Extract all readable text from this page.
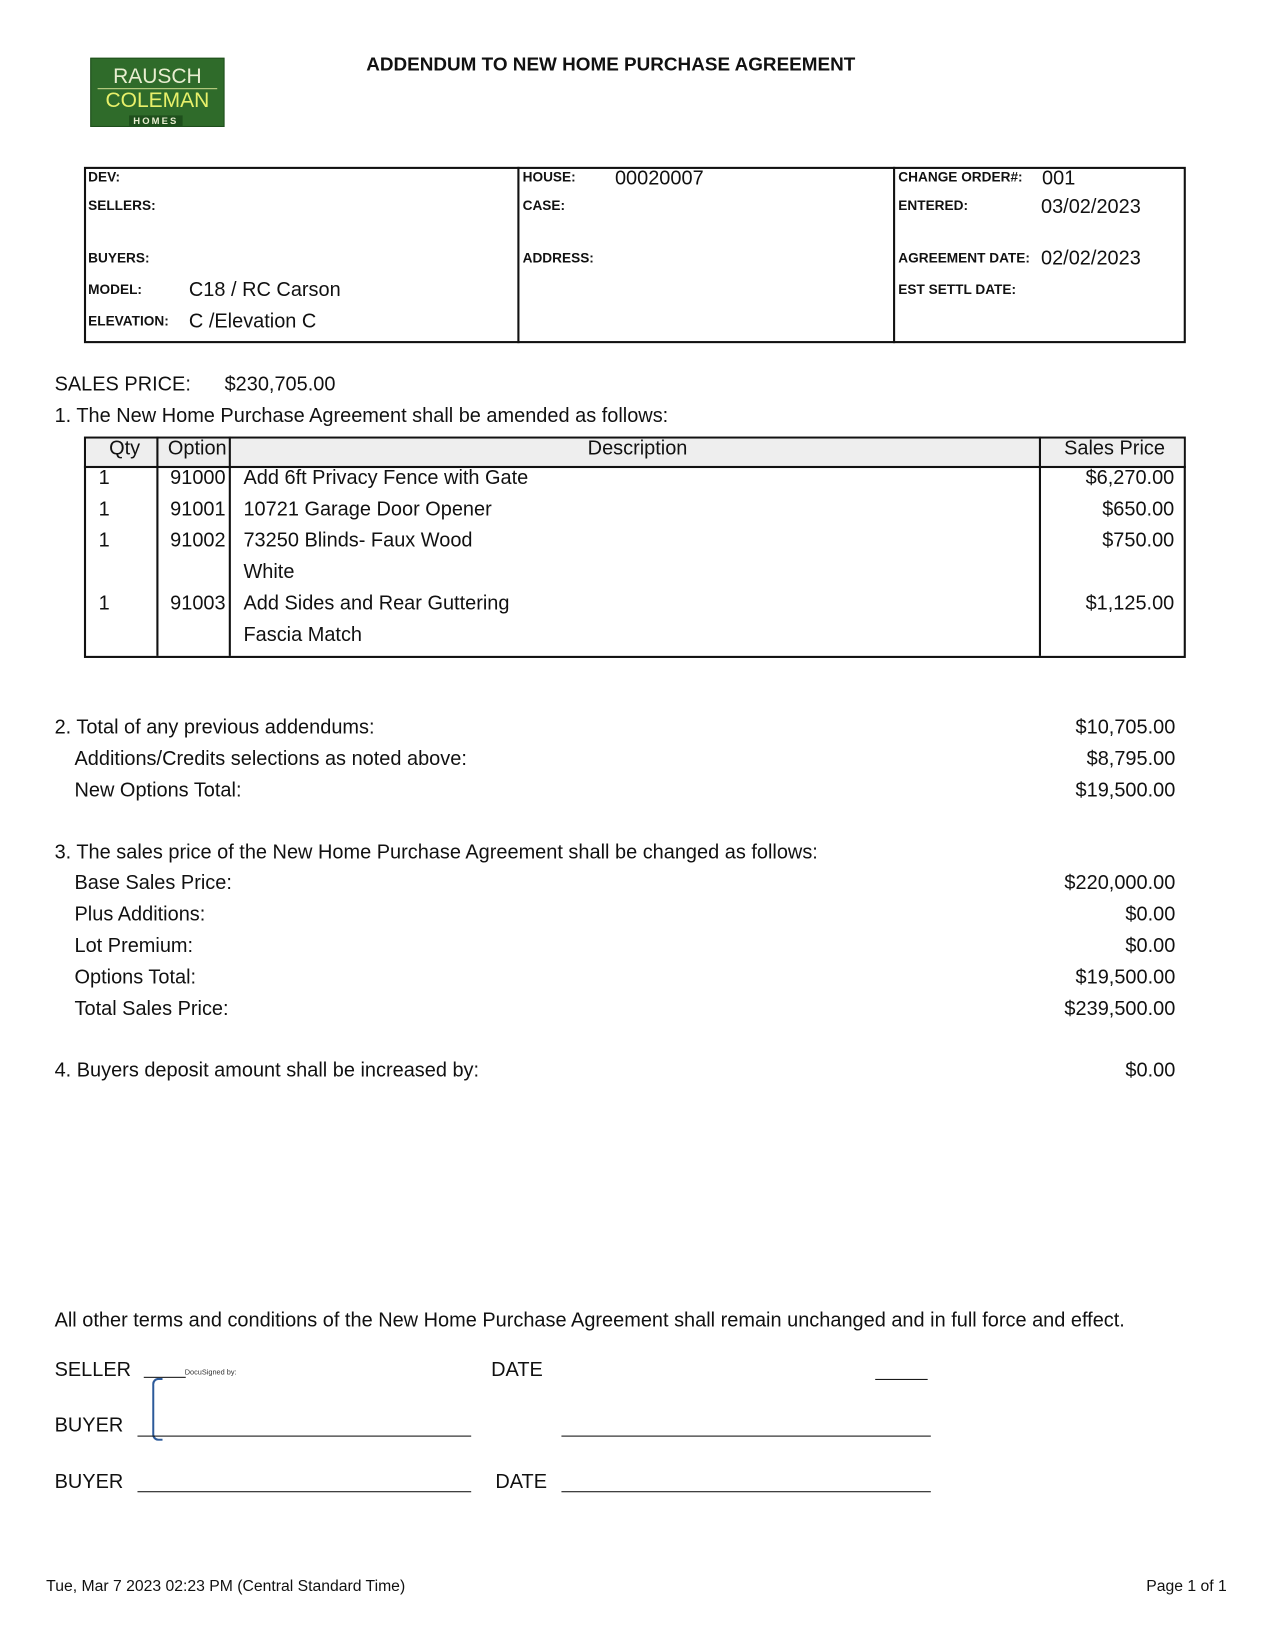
RAUSCH
COLEMAN
HOMES
ADDENDUM TO NEW HOME PURCHASE AGREEMENT
DEV:
SELLERS:
BUYERS:
MODEL: C18 / RC Carson
ELEVATION: C /Elevation C
HOUSE: 00020007
CASE:
ADDRESS:
CHANGE ORDER#: 001
ENTERED:	03/02/2023
AGREEMENT DATE: 02/02/2023
EST SETTL DATE:
SALES PRICE: $230,705.00
1. The New Home Purchase Agreement shall be amended as follows:
Qty Option	Description	Sales Price
1	91000 Add 6ft Privacy Fence with Gate	$6,270.00
1	91001 10721 Garage Door Opener	$650.00
1	91002 73250 Blinds- Faux Wood	$750.00
White
1	91003 Add Sides and Rear Guttering	$1,125.00
Fascia Match
2. Total of any previous addendums:	$10,705.00
Additions/Credits selections as noted above:	$8,795.00
New Options Total:	$19,500.00
3. The sales price of the New Home Purchase Agreement shall be changed as follows:
Base Sales Price:	$220,000.00
Plus Additions:	$0.00
Lot Premium:	$0.00
Options Total:	$19,500.00
Total Sales Price:	$239,500.00
4. Buyers deposit amount shall be increased by:	$0.00
All other terms and conditions of the New Home Purchase Agreement shall remain unchanged and in full force and effect.
SELLER	DocuSigned by:	DATE
BUYER
BUYER	DATE
Tue, Mar 7 2023 02:23 PM (Central Standard Time)	Page 1 of 1
